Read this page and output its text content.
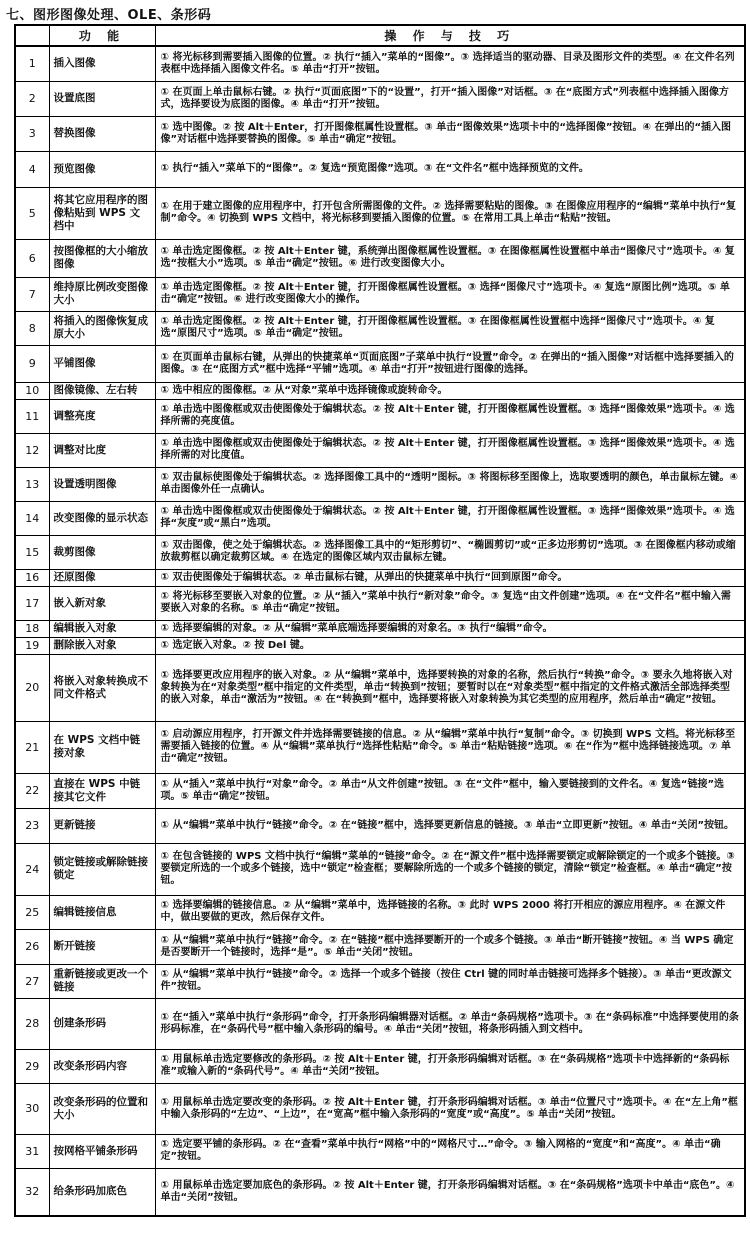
七、图形图像处理、OLE、条形码
	功 能	操 作 与 技 巧
1	插入图像	① 将光标移到需要插入图像的位置。② 执行“插入”菜单的“图像”。③ 选择适当的驱动器、目录及图形文件的类型。④ 在文件名列表框中选择插入图像文件名。⑤ 单击“打开”按钮。
2	设置底图	① 在页面上单击鼠标右键。② 执行“页面底图”下的“设置”，打开“插入图像”对话框。③ 在“底图方式”列表框中选择插入图像方式，选择要设为底图的图像。④ 单击“打开”按钮。
3	替换图像	① 选中图像。② 按 Alt＋Enter，打开图像框属性设置框。③ 单击“图像效果”选项卡中的“选择图像”按钮。④ 在弹出的“插入图像”对话框中选择要替换的图像。⑤ 单击“确定”按钮。
4	预览图像	① 执行“插入”菜单下的“图像”。② 复选“预览图像”选项。③ 在“文件名”框中选择预览的文件。
5	将其它应用程序的图像粘贴到 WPS 文档中	① 在用于建立图像的应用程序中，打开包含所需图像的文件。② 选择需要粘贴的图像。③ 在图像应用程序的“编辑”菜单中执行“复制”命令。④ 切换到 WPS 文档中，将光标移到要插入图像的位置。⑤ 在常用工具上单击“粘贴”按钮。
6	按图像框的大小缩放图像	① 单击选定图像框。② 按 Alt＋Enter 键，系统弹出图像框属性设置框。③ 在图像框属性设置框中单击“图像尺寸”选项卡。④ 复选“按框大小”选项。⑤ 单击“确定”按钮。⑥ 进行改变图像大小。
7	维持原比例改变图像大小	① 单击选定图像框。② 按 Alt＋Enter 键，打开图像框属性设置框。③ 选择“图像尺寸”选项卡。④ 复选“原图比例”选项。⑤ 单击“确定”按钮。⑥ 进行改变图像大小的操作。
8	将插入的图像恢复成原大小	① 单击选定图像框。② 按 Alt＋Enter 键，打开图像框属性设置框。③ 在图像框属性设置框中选择“图像尺寸”选项卡。④ 复选“原图尺寸”选项。⑤ 单击“确定”按钮。
9	平铺图像	① 在页面单击鼠标右键，从弹出的快捷菜单“页面底图”子菜单中执行“设置”命令。② 在弹出的“插入图像”对话框中选择要插入的图像。③ 在“底图方式”框中选择“平铺”选项。④ 单击“打开”按钮进行图像的选择。
10	图像镜像、左右转	① 选中相应的图像框。② 从“对象”菜单中选择镜像或旋转命令。
11	调整亮度	① 单击选中图像框或双击使图像处于编辑状态。② 按 Alt＋Enter 键，打开图像框属性设置框。③ 选择“图像效果”选项卡。④ 选择所需的亮度值。
12	调整对比度	① 单击选中图像框或双击使图像处于编辑状态。② 按 Alt＋Enter 键，打开图像框属性设置框。③ 选择“图像效果”选项卡。④ 选择所需的对比度值。
13	设置透明图像	① 双击鼠标使图像处于编辑状态。② 选择图像工具中的“透明”图标。③ 将图标移至图像上，选取要透明的颜色，单击鼠标左键。④ 单击图像外任一点确认。
14	改变图像的显示状态	① 单击选中图像框或双击使图像处于编辑状态。② 按 Alt＋Enter 键，打开图像框属性设置框。③ 选择“图像效果”选项卡。④ 选择“灰度”或“黑白”选项。
15	裁剪图像	① 双击图像，使之处于编辑状态。② 选择图像工具中的“矩形剪切”、“椭圆剪切”或“正多边形剪切”选项。③ 在图像框内移动或缩放裁剪框以确定裁剪区域。④ 在选定的图像区域内双击鼠标左键。
16	还原图像	① 双击使图像处于编辑状态。② 单击鼠标右键，从弹出的快捷菜单中执行“回到原图”命令。
17	嵌入新对象	① 将光标移至要嵌入对象的位置。② 从“插入”菜单中执行“新对象”命令。③ 复选“由文件创建”选项。④ 在“文件名”框中输入需要嵌入对象的名称。⑤ 单击“确定”按钮。
18	编辑嵌入对象	① 选择要编辑的对象。② 从“编辑”菜单底端选择要编辑的对象名。③ 执行“编辑”命令。
19	删除嵌入对象	① 选定嵌入对象。② 按 Del 键。
20	将嵌入对象转换成不同文件格式	① 选择要更改应用程序的嵌入对象。② 从“编辑”菜单中，选择要转换的对象的名称，然后执行“转换”命令。③ 要永久地将嵌入对象转换为在“对象类型”框中指定的文件类型，单击“转换到”按钮；要暂时以在“对象类型”框中指定的文件格式激活全部选择类型的嵌入对象，单击“激活为”按钮。④ 在“转换到”框中，选择要将嵌入对象转换为其它类型的应用程序，然后单击“确定”按钮。
21	在 WPS 文档中链接对象	① 启动源应用程序，打开源文件并选择需要链接的信息。② 从“编辑”菜单中执行“复制”命令。③ 切换到 WPS 文档。将光标移至需要插入链接的位置。④ 从“编辑”菜单执行“选择性粘贴”命令。⑤ 单击“粘贴链接”选项。⑥ 在“作为”框中选择链接选项。⑦ 单击“确定”按钮。
22	直接在 WPS 中链接其它文件	① 从“插入”菜单中执行“对象”命令。② 单击“从文件创建”按钮。③ 在“文件”框中，输入要链接到的文件名。④ 复选“链接”选项。⑤ 单击“确定”按钮。
23	更新链接	① 从“编辑”菜单中执行“链接”命令。② 在“链接”框中，选择要更新信息的链接。③ 单击“立即更新”按钮。④ 单击“关闭”按钮。
24	锁定链接或解除链接锁定	① 在包含链接的 WPS 文档中执行“编辑”菜单的“链接”命令。② 在“源文件”框中选择需要锁定或解除锁定的一个或多个链接。③ 要锁定所选的一个或多个链接，选中“锁定”检查框；要解除所选的一个或多个链接的锁定，清除“锁定”检查框。④ 单击“确定”按钮。
25	编辑链接信息	① 选择要编辑的链接信息。② 从“编辑”菜单中，选择链接的名称。③ 此时 WPS 2000 将打开相应的源应用程序。④ 在源文件中，做出要做的更改，然后保存文件。
26	断开链接	① 从“编辑”菜单中执行“链接”命令。② 在“链接”框中选择要断开的一个或多个链接。③ 单击“断开链接”按钮。④ 当 WPS 确定是否要断开一个链接时，选择“是”。⑤ 单击“关闭”按钮。
27	重新链接或更改一个链接	① 从“编辑”菜单中执行“链接”命令。② 选择一个或多个链接（按住 Ctrl 键的同时单击链接可选择多个链接）。③ 单击“更改源文件”按钮。
28	创建条形码	① 在“插入”菜单中执行“条形码”命令，打开条形码编辑器对话框。② 单击“条码规格”选项卡。③ 在“条码标准”中选择要使用的条形码标准，在“条码代号”框中输入条形码的编号。④ 单击“关闭”按钮，将条形码插入到文档中。
29	改变条形码内容	① 用鼠标单击选定要修改的条形码。② 按 Alt＋Enter 键，打开条形码编辑对话框。③ 在“条码规格”选项卡中选择新的“条码标准”或输入新的“条码代号”。④ 单击“关闭”按钮。
30	改变条形码的位置和大小	① 用鼠标单击选定要改变的条形码。② 按 Alt＋Enter 键，打开条形码编辑对话框。③ 单击“位置尺寸”选项卡。④ 在“左上角”框中输入条形码的“左边”、“上边”，在“宽高”框中输入条形码的“宽度”或“高度”。⑤ 单击“关闭”按钮。
31	按网格平铺条形码	① 选定要平铺的条形码。② 在“查看”菜单中执行“网格”中的“网格尺寸…”命令。③ 输入网格的“宽度”和“高度”。④ 单击“确定”按钮。
32	给条形码加底色	① 用鼠标单击选定要加底色的条形码。② 按 Alt＋Enter 键，打开条形码编辑对话框。③ 在“条码规格”选项卡中单击“底色”。④ 单击“关闭”按钮。
